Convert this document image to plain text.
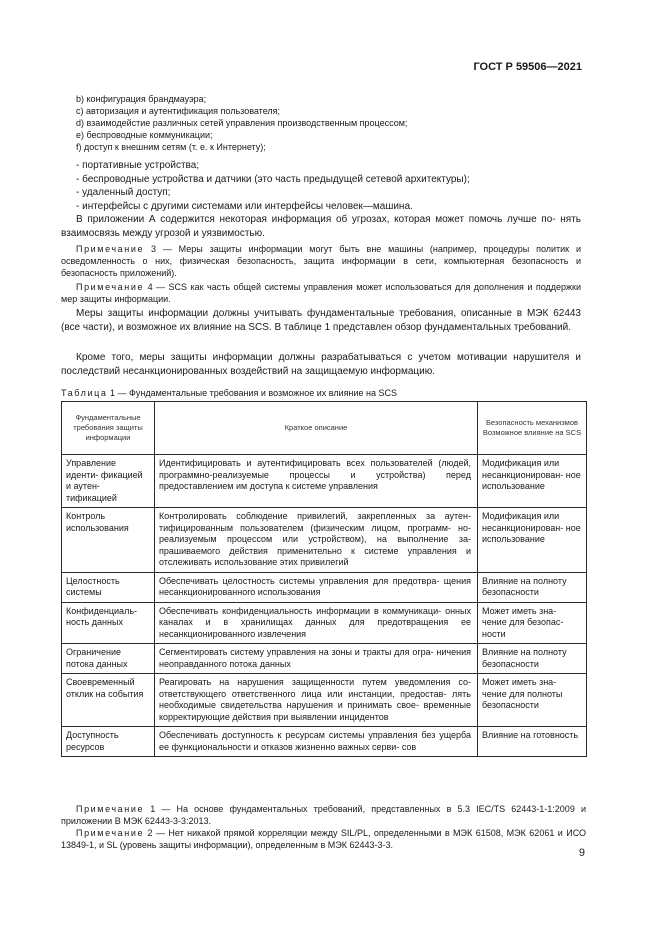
ГОСТ Р 59506—2021
b) конфигурация брандмауэра;
c) авторизация и аутентификация пользователя;
d) взаимодейстие различных сетей управления производственным процессом;
e) беспроводные коммуникации;
f) доступ к внешним сетям (т. е. к Интернету);
- портативные устройства;
- беспроводные устройства и датчики (это часть предыдущей сетевой архитектуры);
- удаленный доступ;
- интерфейсы с другими системами или интерфейсы человек—машина.
В приложении А содержится некоторая информация об угрозах, которая может помочь лучше по- нять взаимосвязь между угрозой и уязвимостью.
Примечание 3 — Меры защиты информации могут быть вне машины (например, процедуры политик и осведомленность о них, физическая безопасность, защита информации в сети, компьютерная безопасность и безопасность приложений).
Примечание 4 — SCS как часть общей системы управления может использоваться для дополнения и поддержки мер защиты информации.
Меры защиты информации должны учитывать фундаментальные требования, описанные в МЭК 62443 (все части), и возможное их влияние на SCS. В таблице 1 представлен обзор фундаментальных требований.
Кроме того, меры защиты информации должны разрабатываться с учетом мотивации нарушителя и последствий несанкционированных воздействий на защищаемую информацию.
Таблица 1 — Фундаментальные требования и возможное их влияние на SCS
Фундаментальные требования защиты информации	Краткое описание	Безопасность механизмов Возможное влияние на SCS
Управление иденти- фикацией и аутен- тификацией	Идентифицировать и аутентифицировать всех пользователей (людей, программно-реализуемые процессы и устройства) перед предоставлением им доступа к системе управления	Модификация или несанкционирован- ное использование
Контроль использования	Контролировать соблюдение привилегий, закрепленных за аутен- тифицированным пользователем (физическим лицом, программ- но-реализуемым процессом или устройством), на выполнение за- прашиваемого действия применительно к системе управления и отслеживать использование этих привилегий	Модификация или несанкционирован- ное использование
Целостность системы	Обеспечивать целостность системы управления для предотвра- щения несанкционированного использования	Влияние на полноту безопасности
Конфиденциаль- ность данных	Обеспечивать конфиденциальность информации в коммуникаци- онных каналах и в хранилищах данных для предотвращения ее несанкционированного извлечения	Может иметь зна- чение для безопас- ности
Ограничение потока данных	Сегментировать систему управления на зоны и тракты для огра- ничения неоправданного потока данных	Влияние на полноту безопасности
Своевременный отклик на события	Реагировать на нарушения защищенности путем уведомления со- ответствующего ответственного лица или инстанции, предостав- лять необходимые свидетельства нарушения и принимать свое- временные корректирующие действия при выявлении инцидентов	Может иметь зна- чение для полноты безопасности
Доступность ресурсов	Обеспечивать доступность к ресурсам системы управления без ущерба ее функциональности и отказов жизненно важных серви- сов	Влияние на готовность
Примечание 1 — На основе фундаментальных требований, представленных в 5.3 IEC/TS 62443-1-1:2009 и приложении В МЭК 62443-3-3:2013.
Примечание 2 — Нет никакой прямой корреляции между SIL/PL, определенными в МЭК 61508, МЭК 62061 и ИСО 13849-1, и SL (уровень защиты информации), определенным в МЭК 62443-3-3.
9
